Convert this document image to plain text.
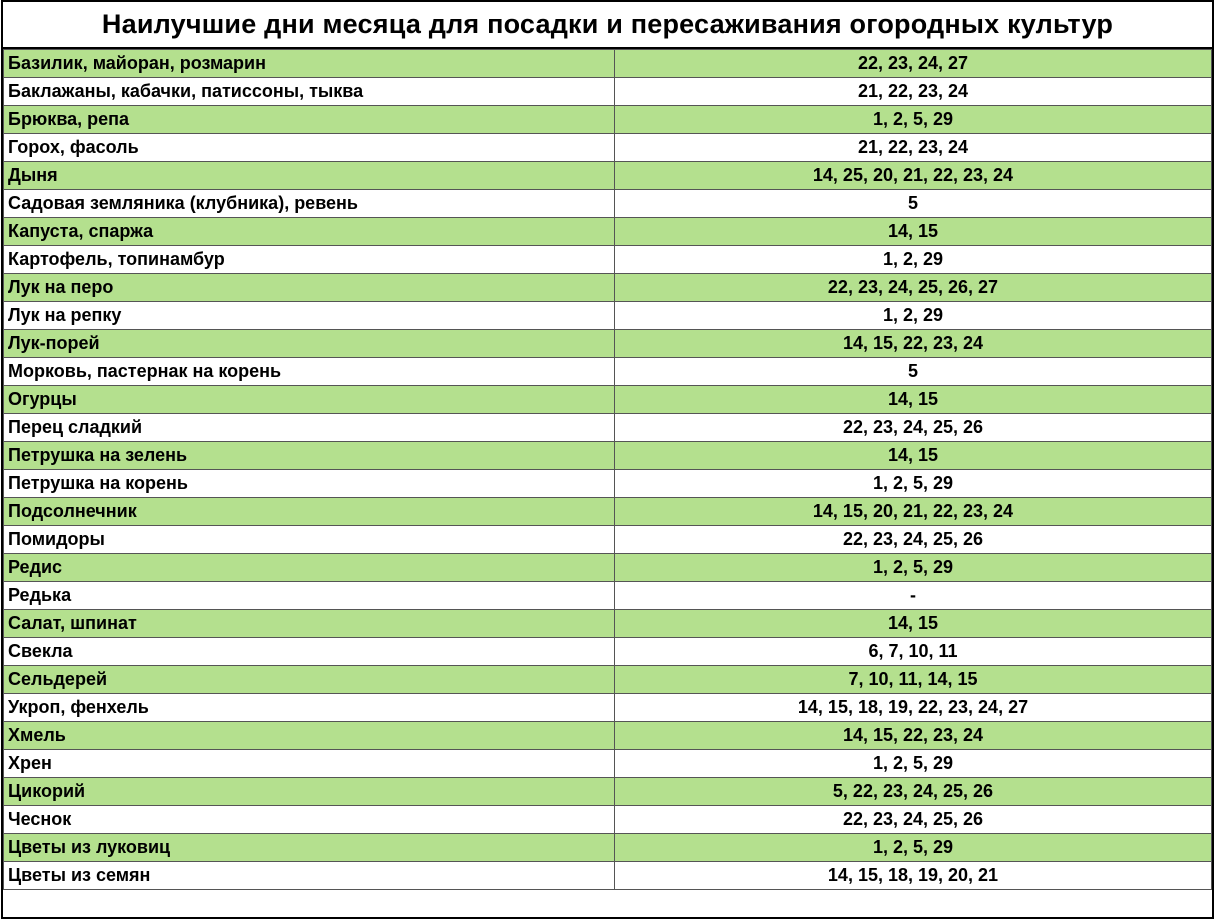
Наилучшие дни месяца для посадки и пересаживания огородных культур
Базилик, майоран, розмарин	22, 23, 24, 27
Баклажаны, кабачки, патиссоны, тыква	21, 22, 23, 24
Брюква, репа	1, 2, 5, 29
Горох, фасоль	21, 22, 23, 24
Дыня	14, 25, 20, 21, 22, 23, 24
Садовая земляника (клубника), ревень	5
Капуста, спаржа	14, 15
Картофель, топинамбур	1, 2, 29
Лук на перо	22, 23, 24, 25, 26, 27
Лук на репку	1, 2, 29
Лук-порей	14, 15, 22, 23, 24
Морковь, пастернак на корень	5
Огурцы	14, 15
Перец сладкий	22, 23, 24, 25, 26
Петрушка на зелень	14, 15
Петрушка на корень	1, 2, 5, 29
Подсолнечник	14, 15, 20, 21, 22, 23, 24
Помидоры	22, 23, 24, 25, 26
Редис	1, 2, 5, 29
Редька	-
Салат, шпинат	14, 15
Свекла	6, 7, 10, 11
Сельдерей	7, 10, 11, 14, 15
Укроп, фенхель	14, 15, 18, 19, 22, 23, 24, 27
Хмель	14, 15, 22, 23, 24
Хрен	1, 2, 5, 29
Цикорий	5, 22, 23, 24, 25, 26
Чеснок	22, 23, 24, 25, 26
Цветы из луковиц	1, 2, 5, 29
Цветы из семян	14, 15, 18, 19, 20, 21
